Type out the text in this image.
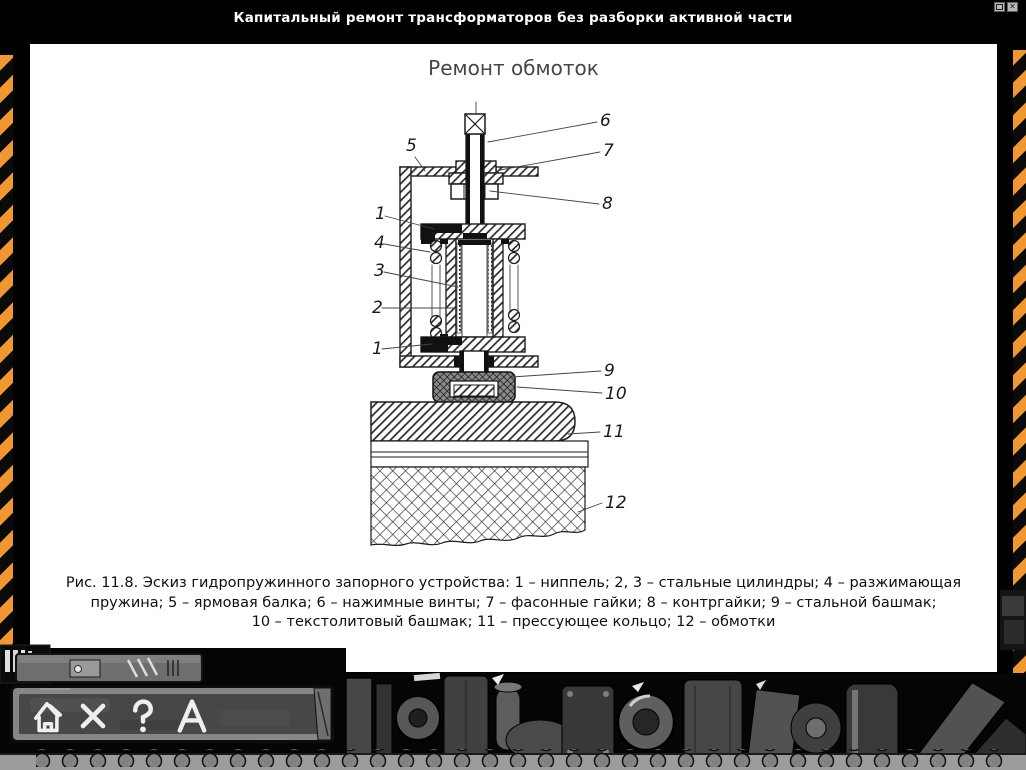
Капитальный ремонт трансформаторов без разборки активной части
✕
Ремонт обмоток
5
6
7
8
1
4
3
2
1
9
10
11
12
Рис. 11.8. Эскиз гидропружинного запорного устройства: 1 – ниппель; 2, 3 – стальные цилиндры; 4 – разжимающая
пружина; 5 – ярмовая балка; 6 – нажимные винты; 7 – фасонные гайки; 8 – контргайки; 9 – стальной башмак;
10 – текстолитовый башмак; 11 – прессующее кольцо; 12 – обмотки
